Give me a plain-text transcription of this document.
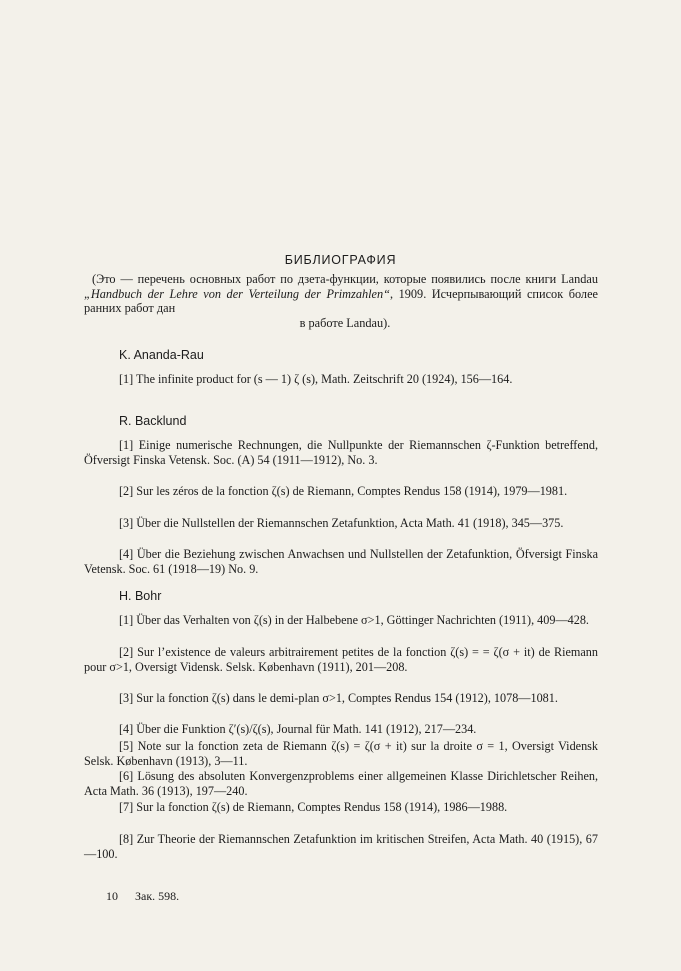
БИБЛИОГРАФИЯ
(Это — перечень основных работ по дзета-функции, которые появились после книги Landau „Handbuch der Lehre von der Verteilung der Primzahlen“, 1909. Исчерпывающий список более ранних работ дан
в работе Landau).
K. Ananda-Rau
[1] The infinite product for (s — 1) ζ (s), Math. Zeitschrift 20 (1924), 156—164.
R. Backlund
[1] Einige numerische Rechnungen, die Nullpunkte der Riemannschen ζ-Funktion betreffend, Öfversigt Finska Vetensk. Soc. (A) 54 (1911—1912), No. 3.
[2] Sur les zéros de la fonction ζ(s) de Riemann, Comptes Rendus 158 (1914), 1979—1981.
[3] Über die Nullstellen der Riemannschen Zetafunktion, Acta Math. 41 (1918), 345—375.
[4] Über die Beziehung zwischen Anwachsen und Nullstellen der Zetafunktion, Öfversigt Finska Vetensk. Soc. 61 (1918—19) No. 9.
H. Bohr
[1] Über das Verhalten von ζ(s) in der Halbebene σ>1, Göttinger Nachrichten (1911), 409—428.
[2] Sur l’existence de valeurs arbitrairement petites de la fonction ζ(s) = = ζ(σ + it) de Riemann pour σ>1, Oversigt Vidensk. Selsk. København (1911), 201—208.
[3] Sur la fonction ζ(s) dans le demi-plan σ>1, Comptes Rendus 154 (1912), 1078—1081.
[4] Über die Funktion ζ′(s)/ζ(s), Journal für Math. 141 (1912), 217—234.
[5] Note sur la fonction zeta de Riemann ζ(s) = ζ(σ + it) sur la droite σ = 1, Oversigt Vidensk Selsk. København (1913), 3—11.
[6] Lösung des absoluten Konvergenzproblems einer allgemeinen Klasse Dirichletscher Reihen, Acta Math. 36 (1913), 197—240.
[7] Sur la fonction ζ(s) de Riemann, Comptes Rendus 158 (1914), 1986—1988.
[8] Zur Theorie der Riemannschen Zetafunktion im kritischen Streifen, Acta Math. 40 (1915), 67—100.
10 Зак. 598.
